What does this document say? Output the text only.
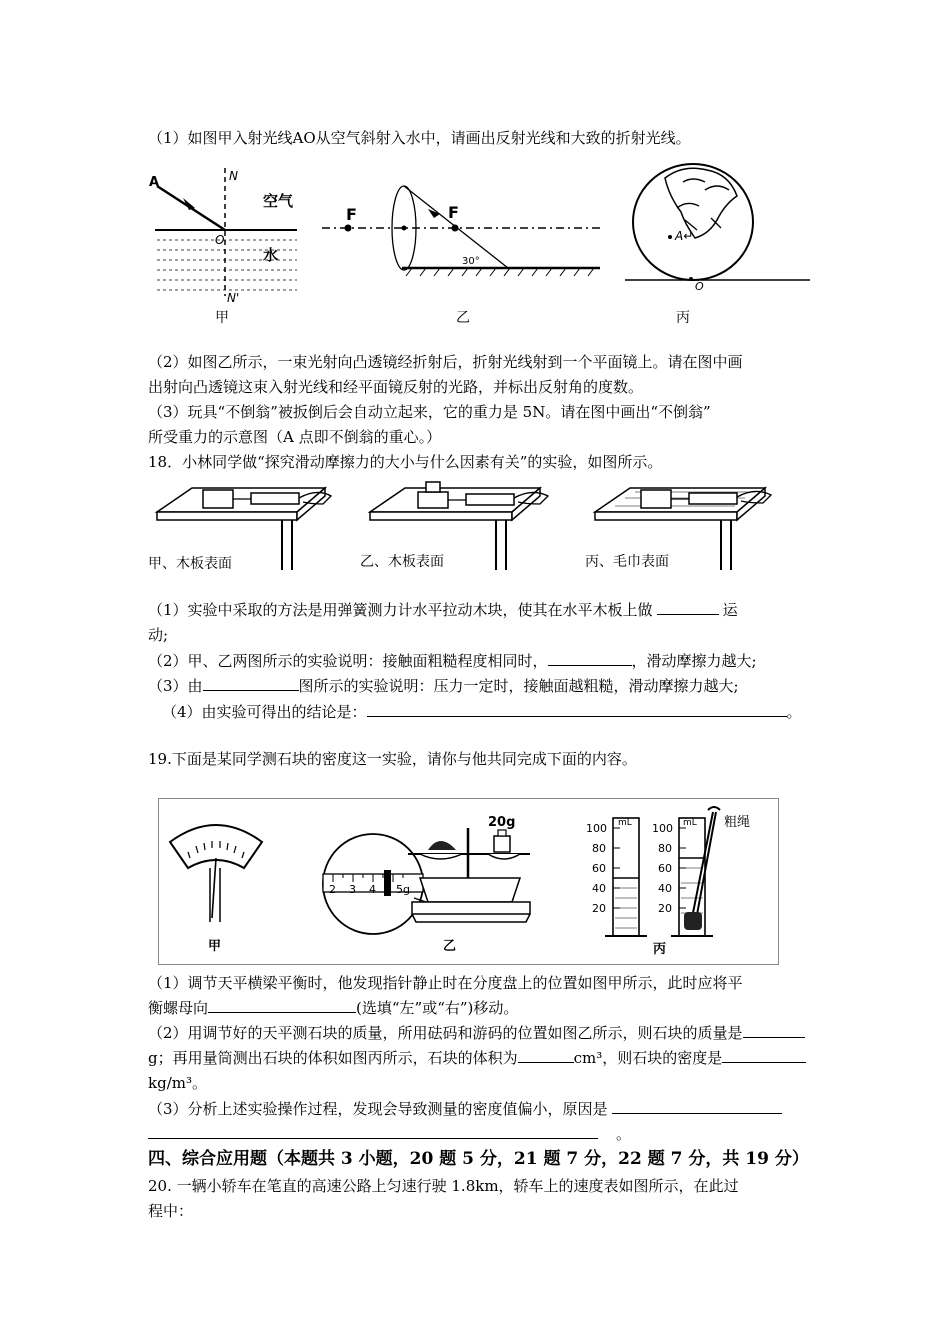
（1）如图甲入射光线AO从空气斜射入水中，请画出反射光线和大致的折射光线。
A	N
O
N'
空气
水
甲
F	F
30°
乙
A↵
O
丙
（2）如图乙所示，一束光射向凸透镜经折射后，折射光线射到一个平面镜上。请在图中画
出射向凸透镜这束入射光线和经平面镜反射的光路，并标出反射角的度数。
（3）玩具“不倒翁”被扳倒后会自动立起来，它的重力是 5N。请在图中画出“不倒翁”
所受重力的示意图（A 点即不倒翁的重心。）
18．小林同学做“探究滑动摩擦力的大小与什么因素有关”的实验，如图所示。
甲、木板表面	乙、木板表面	丙、毛巾表面
（1）实验中采取的方法是用弹簧测力计水平拉动木块，使其在水平木板上做	运
动;
（2）甲、乙两图所示的实验说明：接触面粗糙程度相同时，	，滑动摩擦力越大;
（3）由	图所示的实验说明：压力一定时，接触面越粗糙，滑动摩擦力越大;
（4）由实验可得出的结论是：	。
19.下面是某同学测石块的密度这一实验，请你与他共同完成下面的内容。
甲
2 3 4 5g
20g
乙
mL
100
80
60
40
20
mL
100
80
60
40
20
粗绳
丙
（1）调节天平横梁平衡时，他发现指针静止时在分度盘上的位置如图甲所示，此时应将平
衡螺母向	(选填“左”或“右”)移动。
（2）用调节好的天平测石块的质量，所用砝码和游码的位置如图乙所示，则石块的质量是
g；再用量筒测出石块的体积如图丙所示，石块的体积为	cm³，则石块的密度是
kg/m³。
（3）分析上述实验操作过程，发现会导致测量的密度值偏小，原因是
。
四、综合应用题（本题共 3 小题，20 题 5 分，21 题 7 分，22 题 7 分，共 19 分）
20. 一辆小轿车在笔直的高速公路上匀速行驶 1.8km，轿车上的速度表如图所示，在此过
程中：
